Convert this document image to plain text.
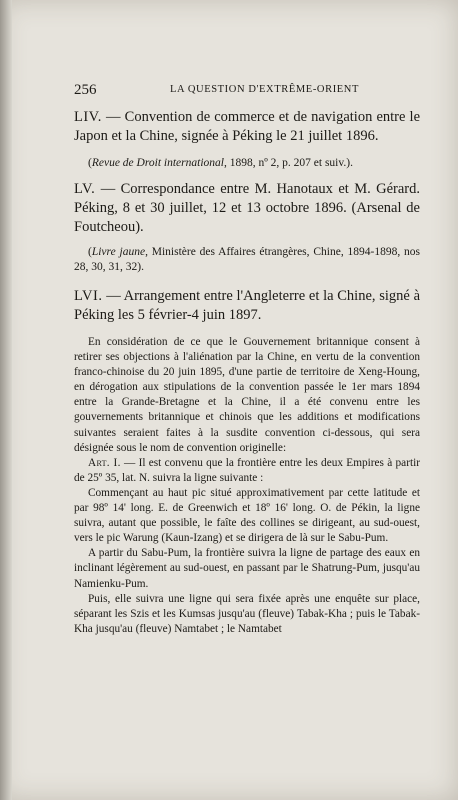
256	LA QUESTION D'EXTRÊME-ORIENT

LIV. — Convention de commerce et de navigation entre le Japon et la Chine, signée à Péking le 21 juillet 1896.

(Revue de Droit international, 1898, nº 2, p. 207 et suiv.).

LV. — Correspondance entre M. Hanotaux et M. Gérard. Péking, 8 et 30 juillet, 12 et 13 octobre 1896. (Arsenal de Foutcheou).

(Livre jaune, Ministère des Affaires étrangères, Chine, 1894-1898, nos 28, 30, 31, 32).

LVI. — Arrangement entre l'Angleterre et la Chine, signé à Péking les 5 février-4 juin 1897.

En considération de ce que le Gouvernement britannique consent à retirer ses objections à l'aliénation par la Chine, en vertu de la convention franco-chinoise du 20 juin 1895, d'une partie de territoire de Xeng-Houng, en dérogation aux stipulations de la convention passée le 1er mars 1894 entre la Grande-Bretagne et la Chine, il a été convenu entre les gouvernements britannique et chinois que les additions et modifications suivantes seraient faites à la susdite convention ci-dessous, qui sera désignée sous le nom de convention originelle:

Art. I. — Il est convenu que la frontière entre les deux Empires à partir de 25º 35, lat. N. suivra la ligne suivante :

Commençant au haut pic situé approximativement par cette latitude et par 98º 14' long. E. de Greenwich et 18º 16' long. O. de Pékin, la ligne suivra, autant que possible, le faîte des collines se dirigeant, au sud-ouest, vers le pic Warung (Kaun-Izang) et se dirigera de là sur le Sabu-Pum.

A partir du Sabu-Pum, la frontière suivra la ligne de partage des eaux en inclinant légèrement au sud-ouest, en passant par le Shatrung-Pum, jusqu'au Namienku-Pum.

Puis, elle suivra une ligne qui sera fixée après une enquête sur place, séparant les Szis et les Kumsas jusqu'au (fleuve) Tabak-Kha ; puis le Tabak-Kha jusqu'au (fleuve) Namtabet ; le Namtabet
